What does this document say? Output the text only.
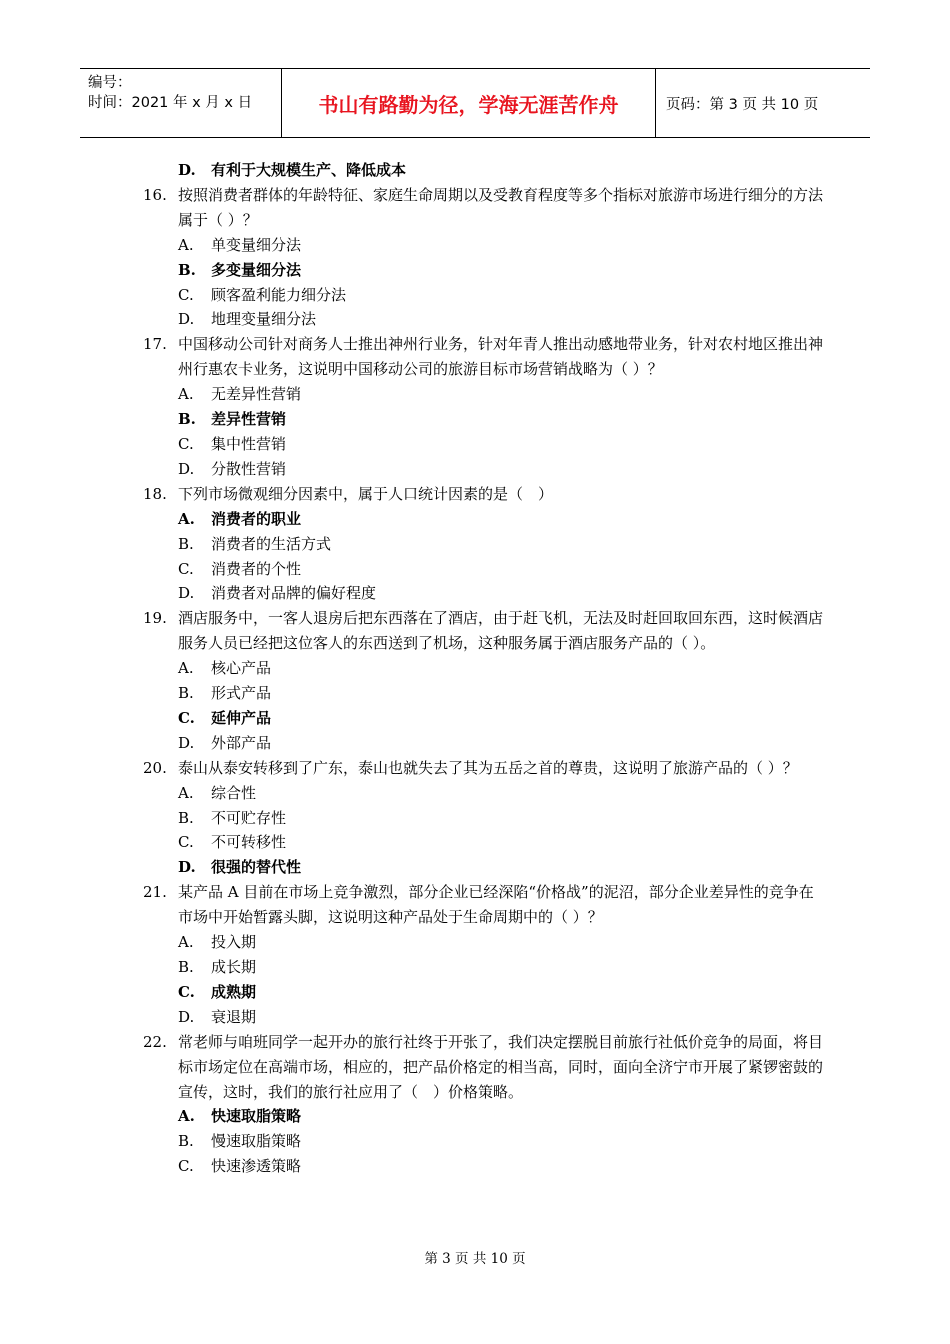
编号：
时间：2021 年 x 月 x 日	书山有路勤为径，学海无涯苦作舟	页码：第 3 页 共 10 页
D. 有利于大规模生产、降低成本
16. 按照消费者群体的年龄特征、家庭生命周期以及受教育程度等多个指标对旅游市场进行细分的方法属于（ ）？
A. 单变量细分法
B. 多变量细分法
C. 顾客盈利能力细分法
D. 地理变量细分法
17. 中国移动公司针对商务人士推出神州行业务，针对年青人推出动感地带业务，针对农村地区推出神州行惠农卡业务，这说明中国移动公司的旅游目标市场营销战略为（ ）？
A. 无差异性营销
B. 差异性营销
C. 集中性营销
D. 分散性营销
18. 下列市场微观细分因素中，属于人口统计因素的是（　）
A. 消费者的职业
B. 消费者的生活方式
C. 消费者的个性
D. 消费者对品牌的偏好程度
19. 酒店服务中，一客人退房后把东西落在了酒店，由于赶飞机，无法及时赶回取回东西，这时候酒店服务人员已经把这位客人的东西送到了机场，这种服务属于酒店服务产品的（ ）。
A. 核心产品
B. 形式产品
C. 延伸产品
D. 外部产品
20. 泰山从泰安转移到了广东，泰山也就失去了其为五岳之首的尊贵，这说明了旅游产品的（ ）？
A. 综合性
B. 不可贮存性
C. 不可转移性
D. 很强的替代性
21. 某产品 A 目前在市场上竞争激烈，部分企业已经深陷“价格战”的泥沼，部分企业差异性的竞争在市场中开始暂露头脚，这说明这种产品处于生命周期中的（ ）？
A. 投入期
B. 成长期
C. 成熟期
D. 衰退期
22. 常老师与咱班同学一起开办的旅行社终于开张了，我们决定摆脱目前旅行社低价竞争的局面，将目标市场定位在高端市场，相应的，把产品价格定的相当高，同时，面向全济宁市开展了紧锣密鼓的宣传，这时，我们的旅行社应用了（　）价格策略。
A. 快速取脂策略
B. 慢速取脂策略
C. 快速渗透策略
第 3 页 共 10 页
